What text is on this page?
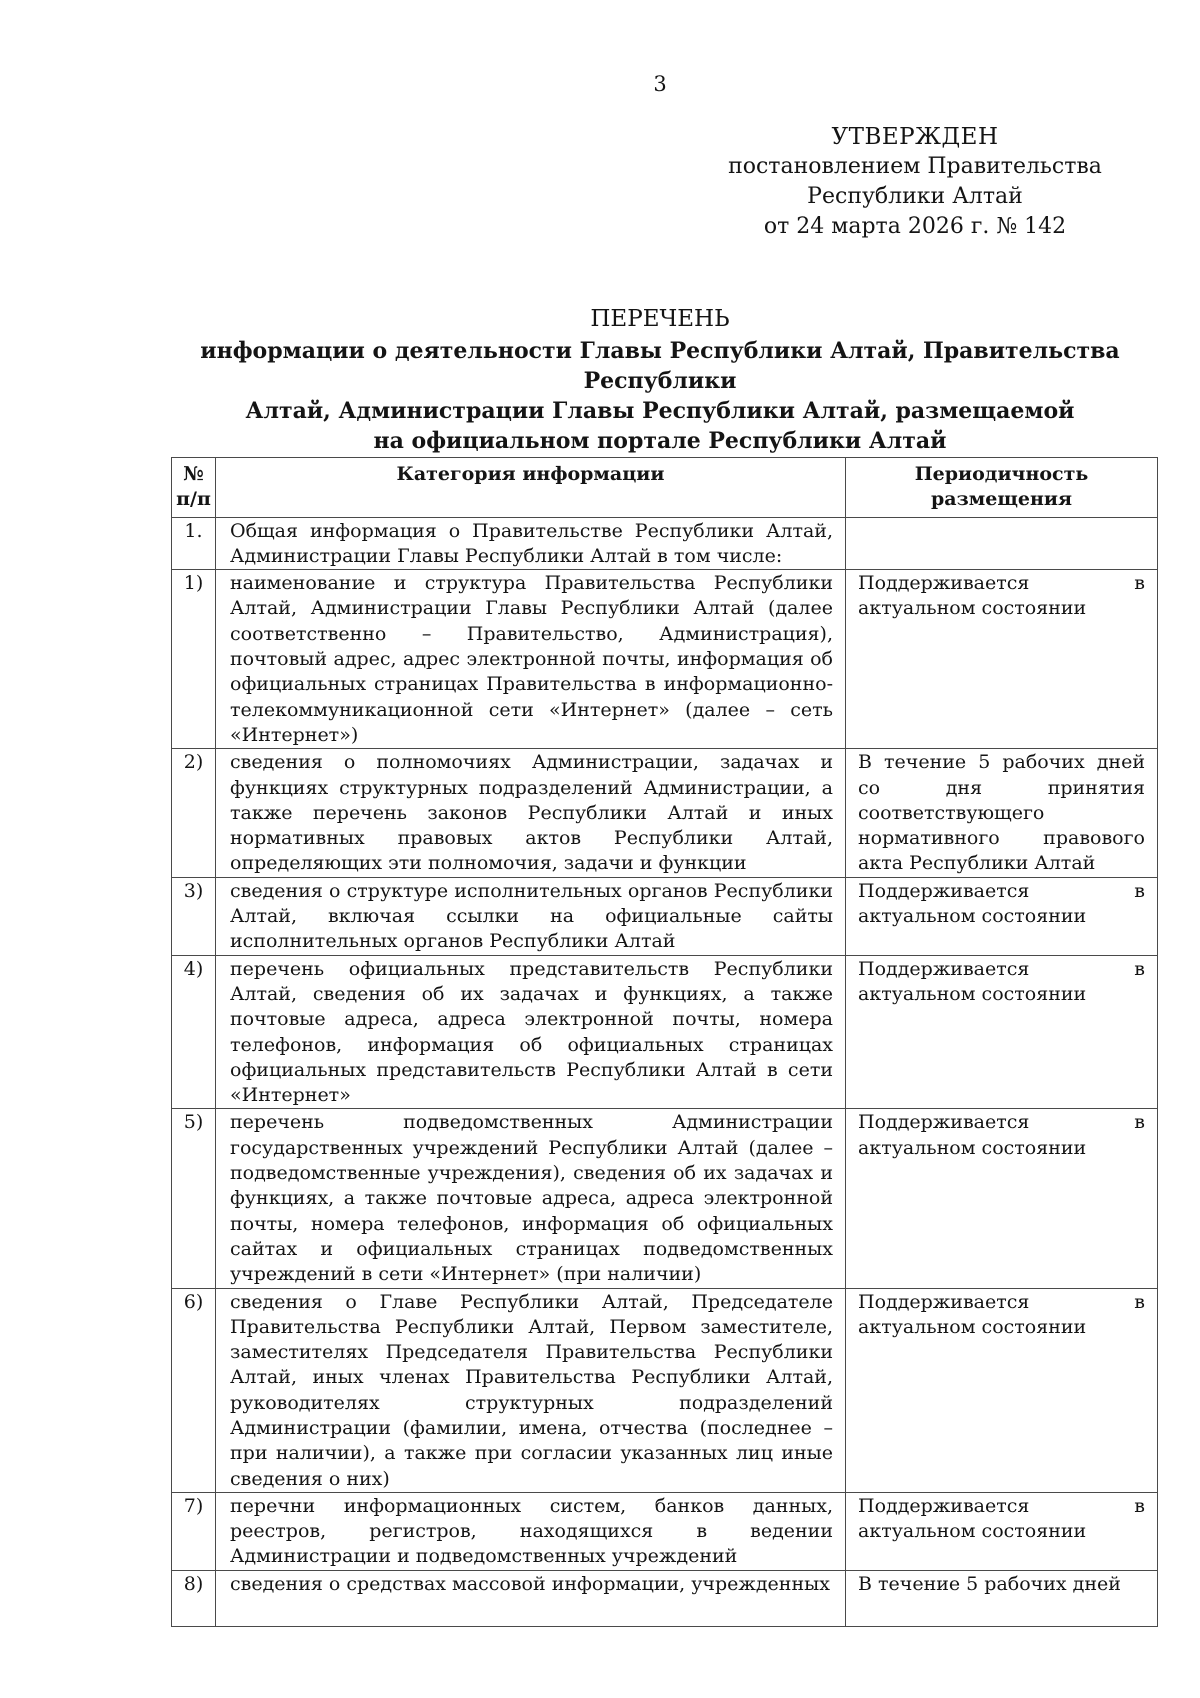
3
УТВЕРЖДЕН
постановлением Правительства
Республики Алтай
от 24 марта 2026 г. № 142
ПЕРЕЧЕНЬ
информации о деятельности Главы Республики Алтай, Правительства Республики
Алтай, Администрации Главы Республики Алтай, размещаемой
на официальном портале Республики Алтай
№
п/п	Категория информации	Периодичность размещения
1.	Общая информация о Правительстве Республики Алтай, Администрации Главы Республики Алтай в том числе:	
1)	наименование и структура Правительства Республики Алтай, Администрации Главы Республики Алтай (далее соответственно – Правительство, Администрация), почтовый адрес, адрес электронной почты, информация об официальных страницах Правительства в информационно-телекоммуникационной сети «Интернет» (далее – сеть «Интернет»)	Поддерживается в актуальном состоянии
2)	сведения о полномочиях Администрации, задачах и функциях структурных подразделений Администрации, а также перечень законов Республики Алтай и иных нормативных правовых актов Республики Алтай, определяющих эти полномочия, задачи и функции	В течение 5 рабочих дней со дня принятия соответствующего нормативного правового акта Республики Алтай
3)	сведения о структуре исполнительных органов Республики Алтай, включая ссылки на официальные сайты исполнительных органов Республики Алтай	Поддерживается в актуальном состоянии
4)	перечень официальных представительств Республики Алтай, сведения об их задачах и функциях, а также почтовые адреса, адреса электронной почты, номера телефонов, информация об официальных страницах официальных представительств Республики Алтай в сети «Интернет»	Поддерживается в актуальном состоянии
5)	перечень подведомственных Администрации государственных учреждений Республики Алтай (далее – подведомственные учреждения), сведения об их задачах и функциях, а также почтовые адреса, адреса электронной почты, номера телефонов, информация об официальных сайтах и официальных страницах подведомственных учреждений в сети «Интернет» (при наличии)	Поддерживается в актуальном состоянии
6)	сведения о Главе Республики Алтай, Председателе Правительства Республики Алтай, Первом заместителе, заместителях Председателя Правительства Республики Алтай, иных членах Правительства Республики Алтай, руководителях структурных подразделений Администрации (фамилии, имена, отчества (последнее – при наличии), а также при согласии указанных лиц иные сведения о них)	Поддерживается в актуальном состоянии
7)	перечни информационных систем, банков данных, реестров, регистров, находящихся в ведении Администрации и подведомственных учреждений	Поддерживается в актуальном состоянии
8)	сведения о средствах массовой информации, учрежденных	В течение 5 рабочих дней
